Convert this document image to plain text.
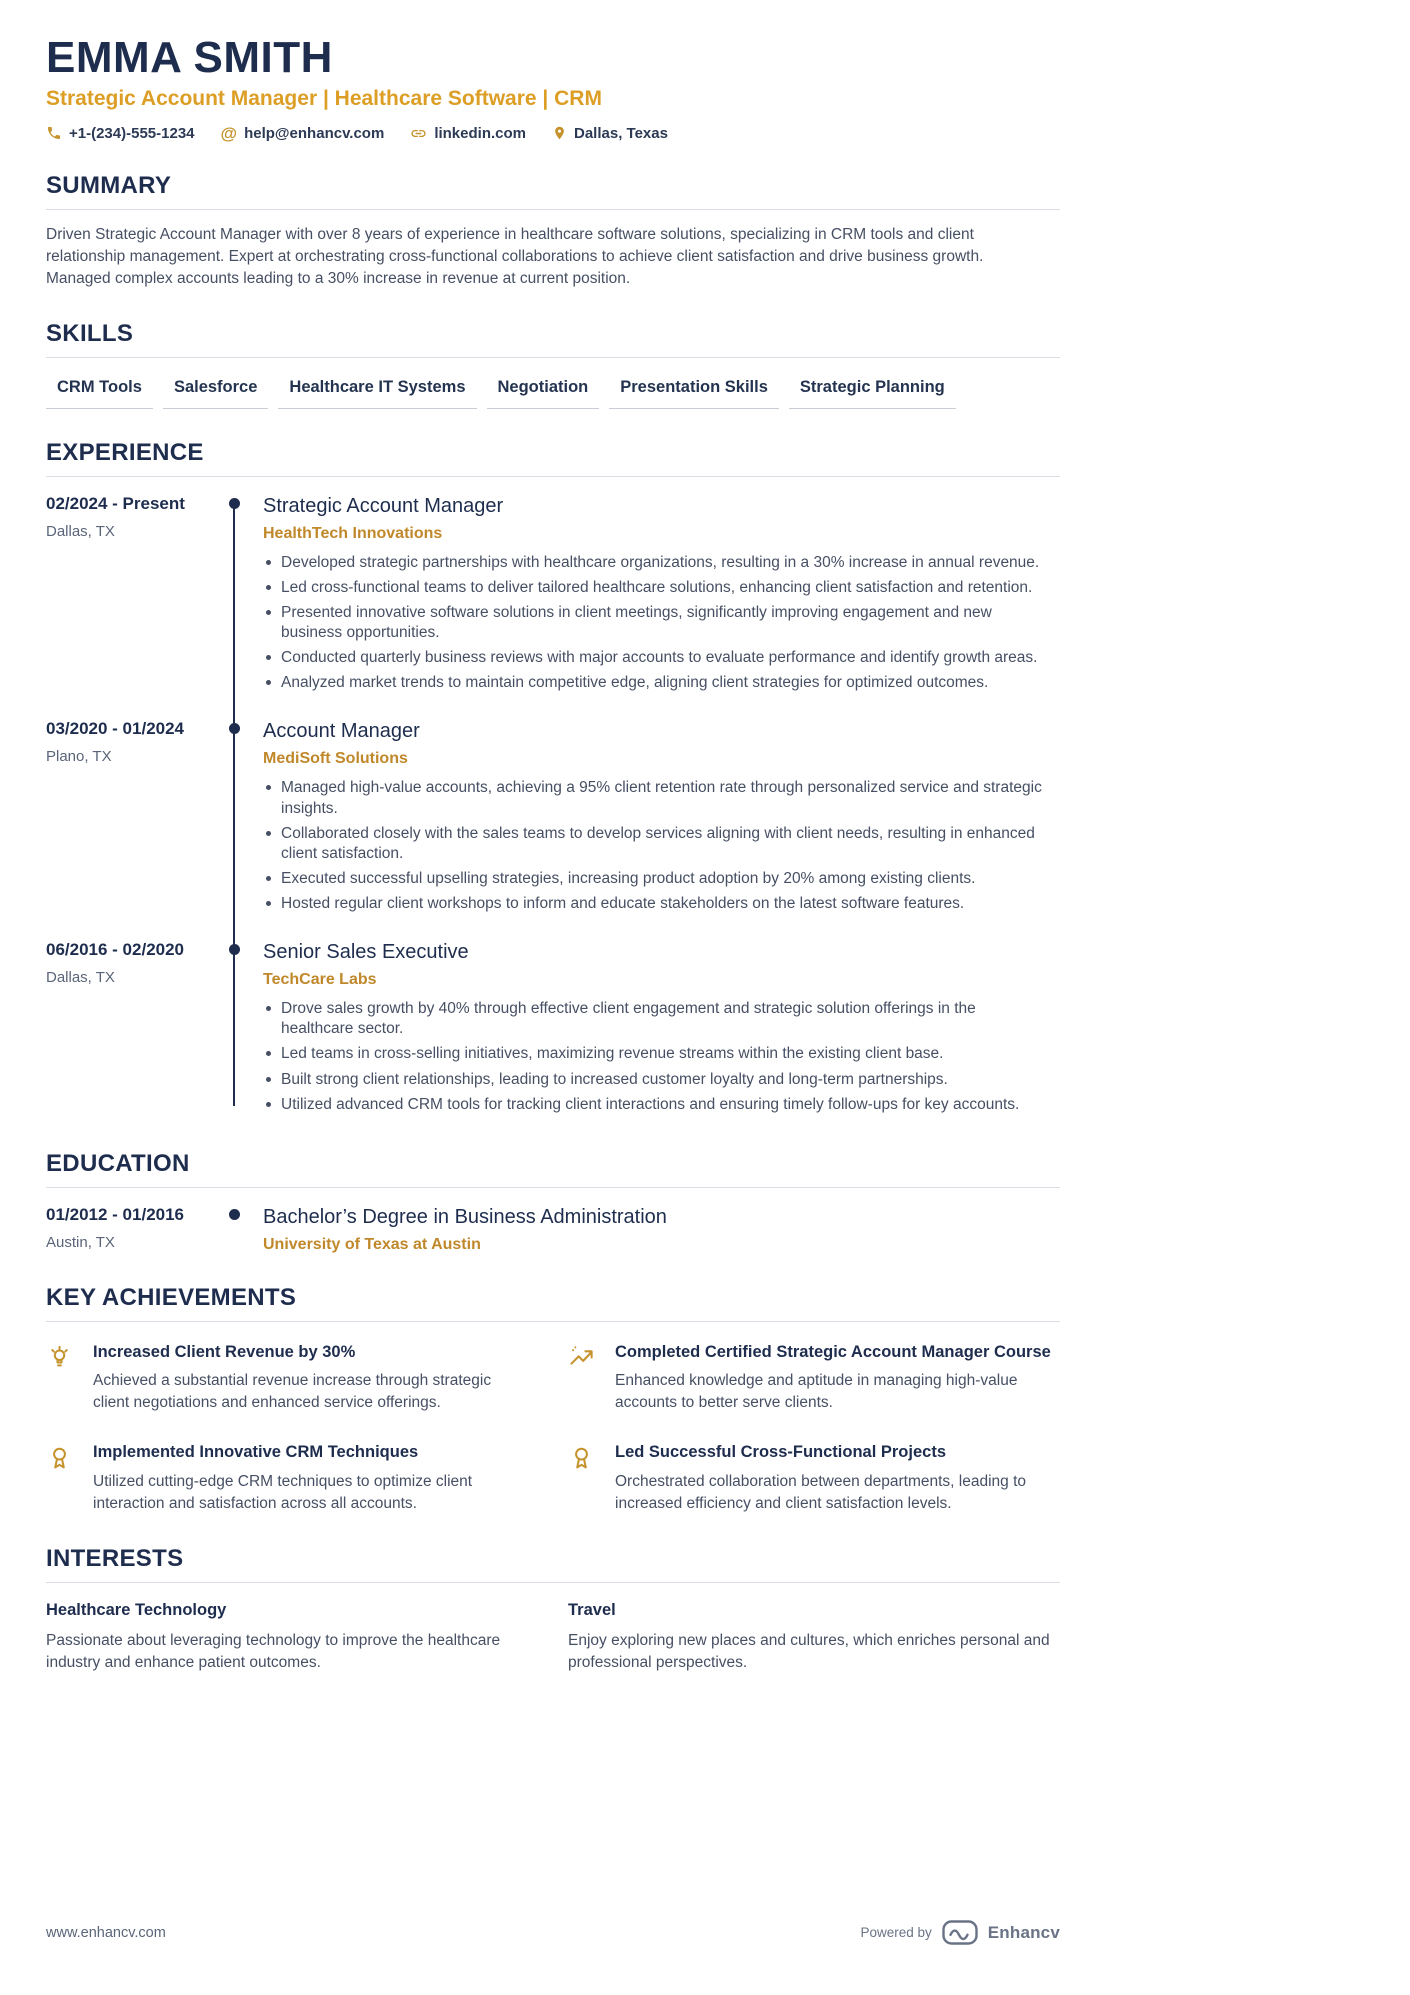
EMMA SMITH
Strategic Account Manager | Healthcare Software | CRM
+1-(234)-555-1234 @ help@enhancv.com	linkedin.com	Dallas, Texas
SUMMARY

Driven Strategic Account Manager with over 8 years of experience in healthcare software solutions, specializing in CRM tools and client relationship management. Expert at orchestrating cross-functional collaborations to achieve client satisfaction and drive business growth. Managed complex accounts leading to a 30% increase in revenue at current position.

SKILLS
CRM Tools	Salesforce	Healthcare IT Systems	Negotiation	Presentation Skills	Strategic Planning
EXPERIENCE
02/2024 - Present
Dallas, TX
Strategic Account Manager
HealthTech Innovations
Developed strategic partnerships with healthcare organizations, resulting in a 30% increase in annual revenue.
Led cross-functional teams to deliver tailored healthcare solutions, enhancing client satisfaction and retention.
Presented innovative software solutions in client meetings, significantly improving engagement and new business opportunities.
Conducted quarterly business reviews with major accounts to evaluate performance and identify growth areas.
Analyzed market trends to maintain competitive edge, aligning client strategies for optimized outcomes.
03/2020 - 01/2024
Plano, TX
Account Manager
MediSoft Solutions
Managed high-value accounts, achieving a 95% client retention rate through personalized service and strategic insights.
Collaborated closely with the sales teams to develop services aligning with client needs, resulting in enhanced client satisfaction.
Executed successful upselling strategies, increasing product adoption by 20% among existing clients.
Hosted regular client workshops to inform and educate stakeholders on the latest software features.
06/2016 - 02/2020
Dallas, TX
Senior Sales Executive
TechCare Labs
Drove sales growth by 40% through effective client engagement and strategic solution offerings in the healthcare sector.
Led teams in cross-selling initiatives, maximizing revenue streams within the existing client base.
Built strong client relationships, leading to increased customer loyalty and long-term partnerships.
Utilized advanced CRM tools for tracking client interactions and ensuring timely follow-ups for key accounts.
EDUCATION
01/2012 - 01/2016
Austin, TX
Bachelor’s Degree in Business Administration
University of Texas at Austin
KEY ACHIEVEMENTS
Increased Client Revenue by 30%

Achieved a substantial revenue increase through strategic client negotiations and enhanced service offerings.

Completed Certified Strategic Account Manager Course

Enhanced knowledge and aptitude in managing high-value accounts to better serve clients.

Implemented Innovative CRM Techniques

Utilized cutting-edge CRM techniques to optimize client interaction and satisfaction across all accounts.

Led Successful Cross-Functional Projects

Orchestrated collaboration between departments, leading to increased efficiency and client satisfaction levels.

INTERESTS
Healthcare Technology

Passionate about leveraging technology to improve the healthcare industry and enhance patient outcomes.

Travel

Enjoy exploring new places and cultures, which enriches personal and professional perspectives.

www.enhancv.com	Powered by	Enhancv
